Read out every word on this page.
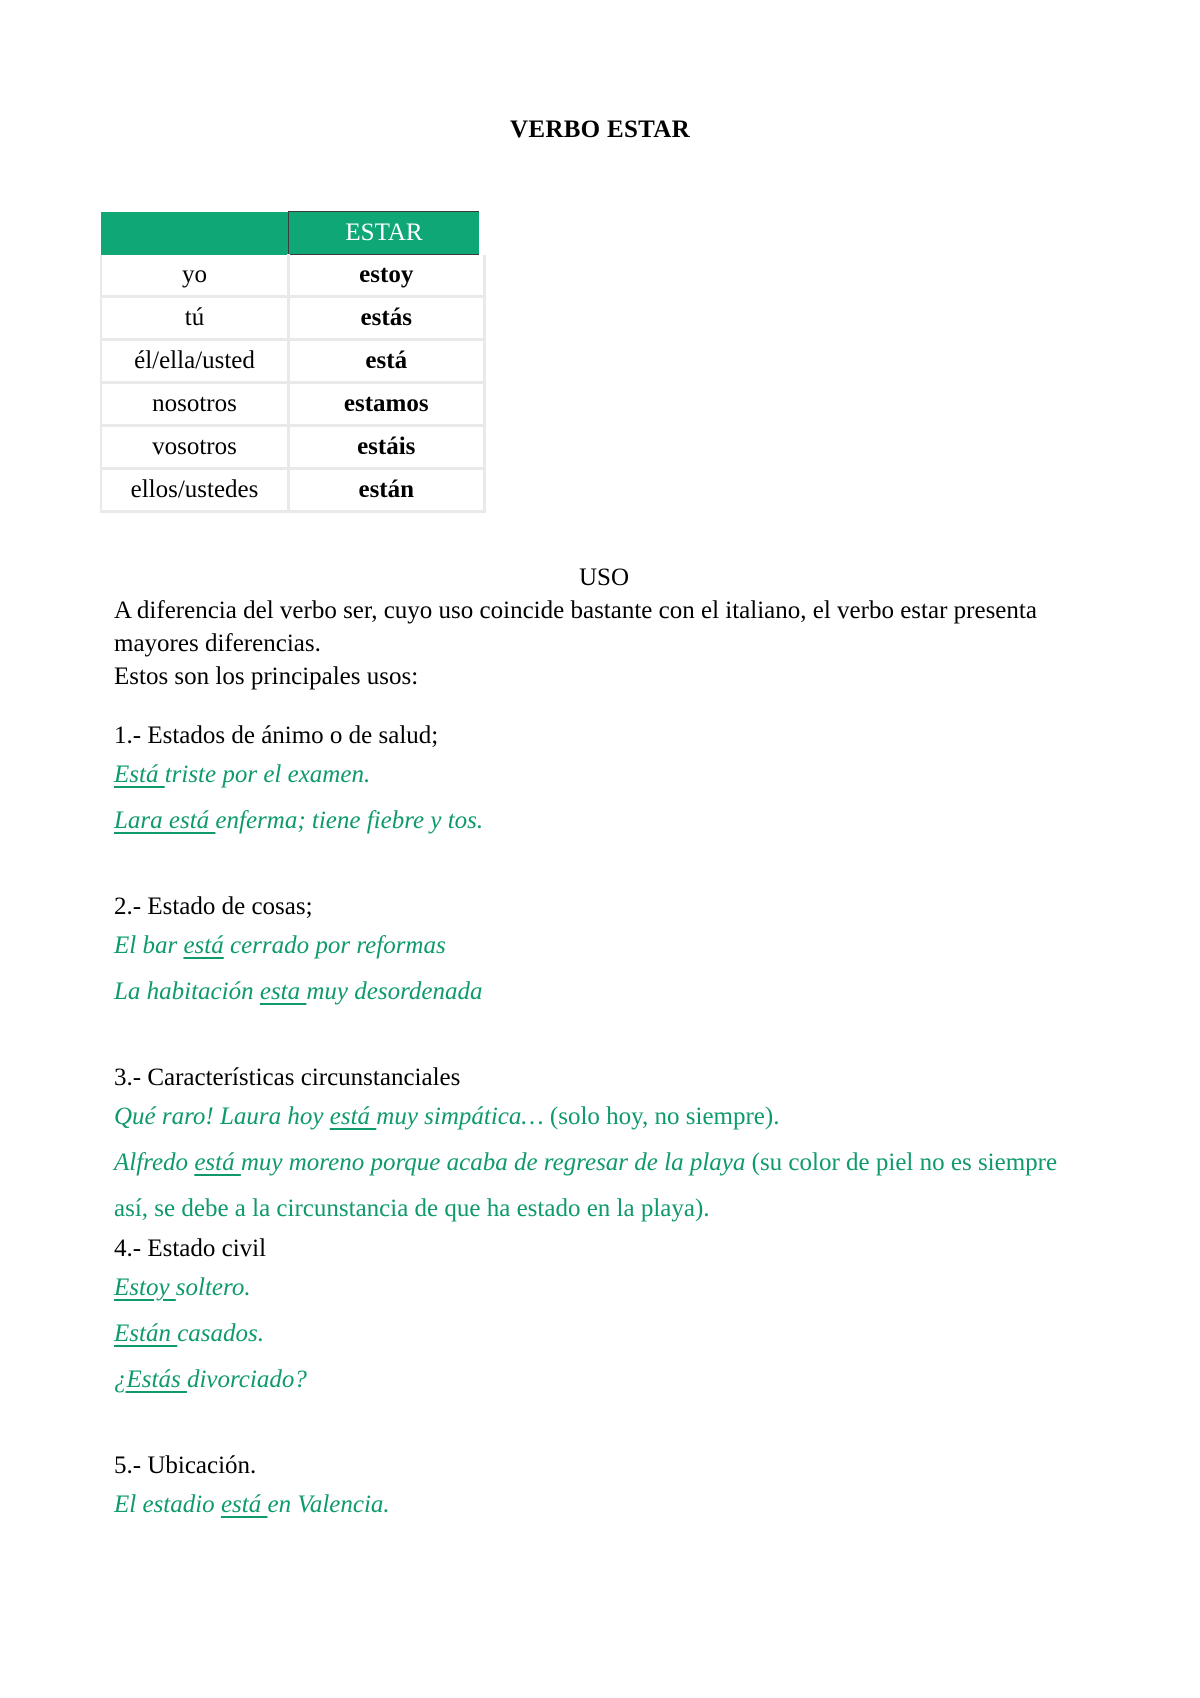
VERBO ESTAR
	ESTAR
yo	estoy
tú	estás
él/ella/usted	está
nosotros	estamos
vosotros	estáis
ellos/ustedes	están

USO

A diferencia del verbo ser, cuyo uso coincide bastante con el italiano, el verbo estar presenta mayores diferencias.

Estos son los principales usos:

1.- Estados de ánimo o de salud;

Está triste por el examen.

Lara está enferma; tiene fiebre y tos.

2.- Estado de cosas;

El bar está cerrado por reformas

La habitación esta muy desordenada

3.- Características circunstanciales

Qué raro! Laura hoy está muy simpática… (solo hoy, no siempre).

Alfredo está muy moreno porque acaba de regresar de la playa (su color de piel no es siempre así, se debe a la circunstancia de que ha estado en la playa).

4.- Estado civil

Estoy soltero.

Están casados.

¿Estás divorciado?

5.- Ubicación.

El estadio está en Valencia.
